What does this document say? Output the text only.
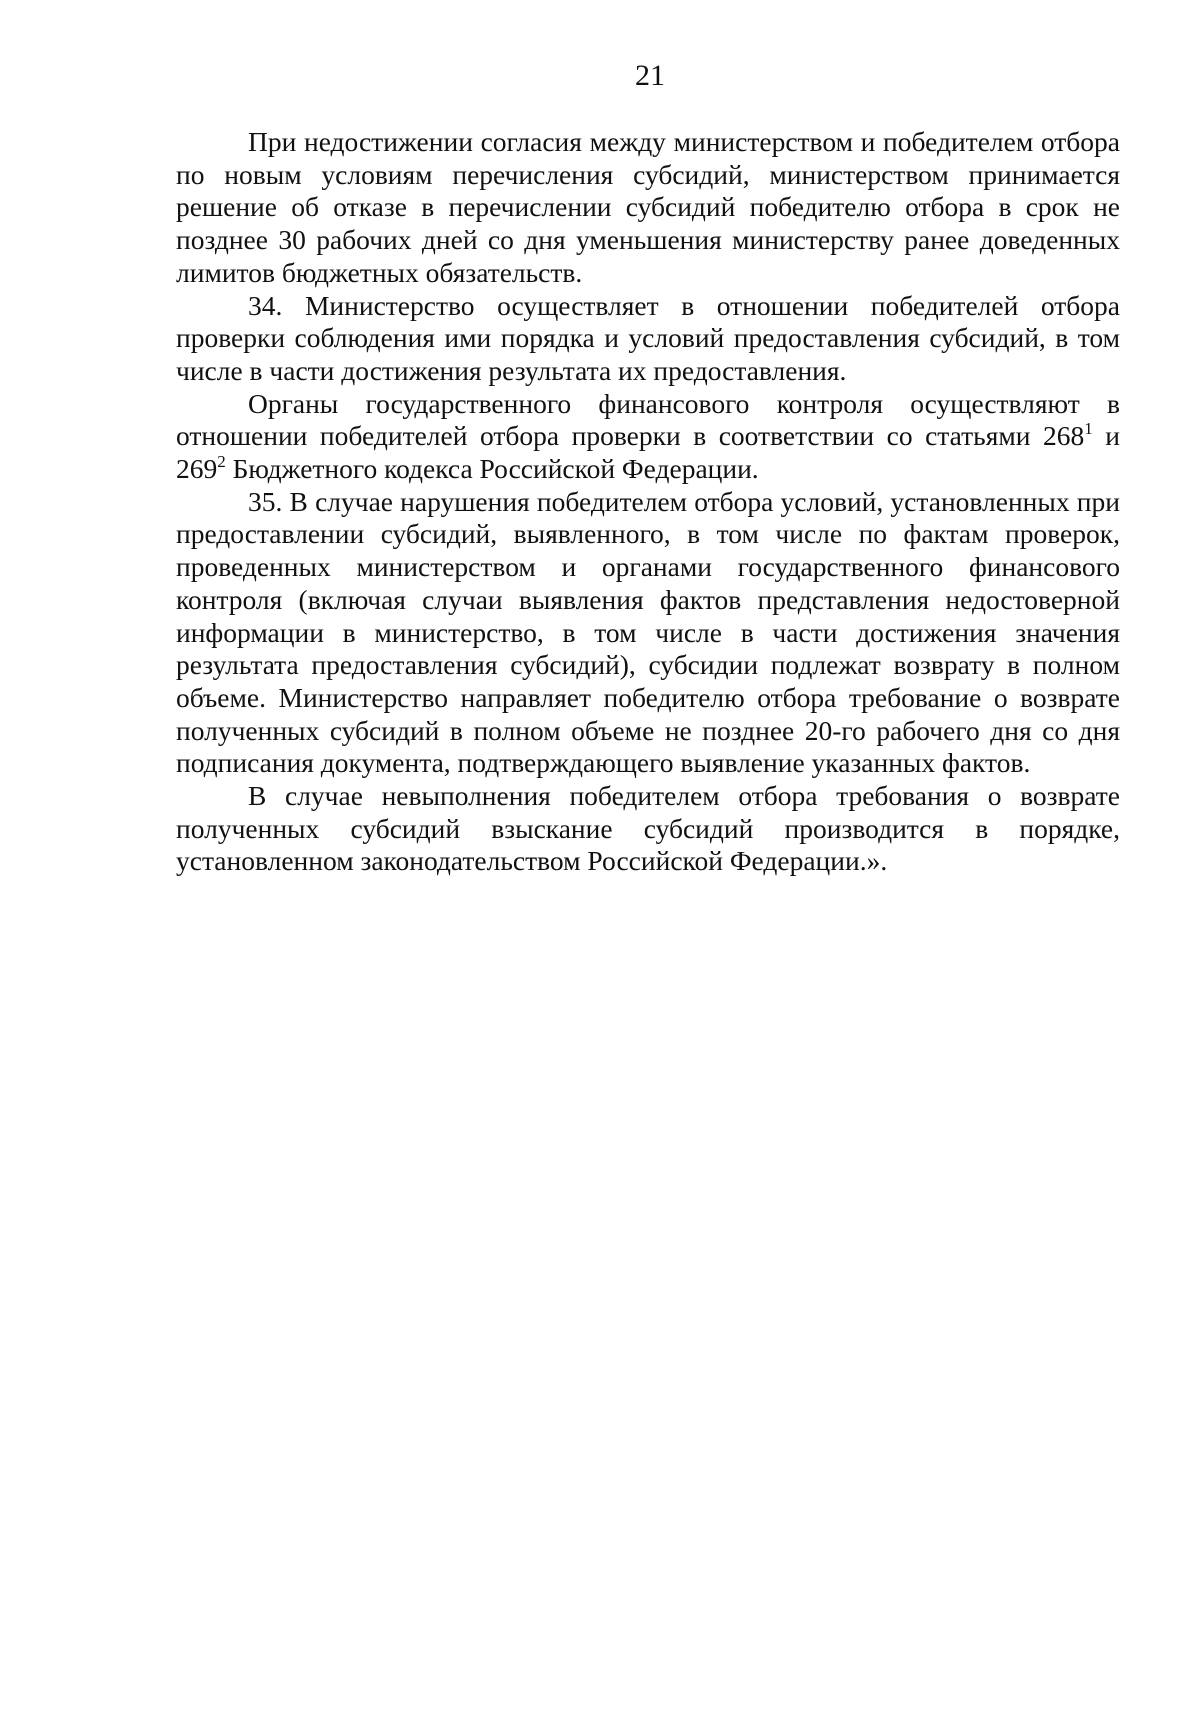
21

При недостижении согласия между министерством и победителем отбора по новым условиям перечисления субсидий, министерством принимается решение об отказе в перечислении субсидий победителю отбора в срок не позднее 30 рабочих дней со дня уменьшения министерству ранее доведенных лимитов бюджетных обязательств.

34. Министерство осуществляет в отношении победителей отбора проверки соблюдения ими порядка и условий предоставления субсидий, в том числе в части достижения результата их предоставления.

Органы государственного финансового контроля осуществляют в отношении победителей отбора проверки в соответствии со статьями $268^1$ и $269^2$ Бюджетного кодекса Российской Федерации.

35. В случае нарушения победителем отбора условий, установленных при предоставлении субсидий, выявленного, в том числе по фактам проверок, проведенных министерством и органами государственного финансового контроля (включая случаи выявления фактов представления недостоверной информации в министерство, в том числе в части достижения значения результата предоставления субсидий), субсидии подлежат возврату в полном объеме. Министерство направляет победителю отбора требование о возврате полученных субсидий в полном объеме не позднее 20-го рабочего дня со дня подписания документа, подтверждающего выявление указанных фактов.

В случае невыполнения победителем отбора требования о возврате полученных субсидий взыскание субсидий производится в порядке, установленном законодательством Российской Федерации.».
